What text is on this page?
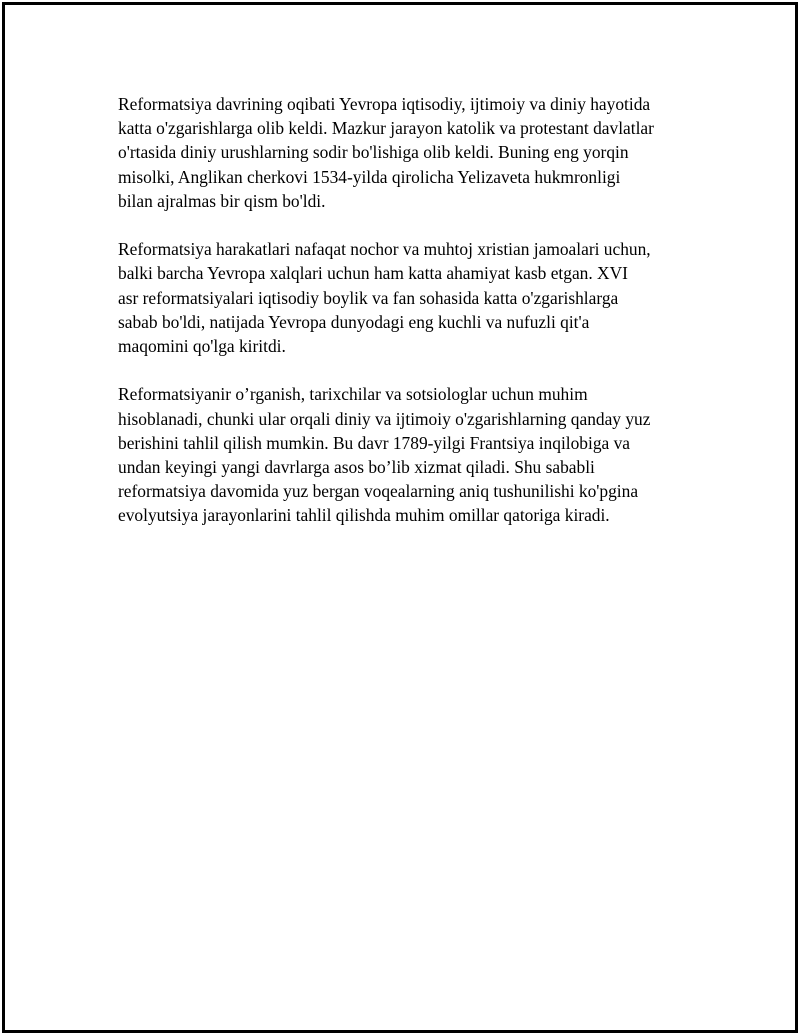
Reformatsiya davrining oqibati Yevropa iqtisodiy, ijtimoiy va diniy hayotida
katta o'zgarishlarga olib keldi. Mazkur jarayon katolik va protestant davlatlar
o'rtasida diniy urushlarning sodir bo'lishiga olib keldi. Buning eng yorqin
misolki, Anglikan cherkovi 1534-yilda qirolicha Yelizaveta hukmronligi
bilan ajralmas bir qism bo'ldi.

Reformatsiya harakatlari nafaqat nochor va muhtoj xristian jamoalari uchun,
balki barcha Yevropa xalqlari uchun ham katta ahamiyat kasb etgan. XVI
asr reformatsiyalari iqtisodiy boylik va fan sohasida katta o'zgarishlarga
sabab bo'ldi, natijada Yevropa dunyodagi eng kuchli va nufuzli qit'a
maqomini qo'lga kiritdi.

Reformatsiyanir o’rganish, tarixchilar va sotsiologlar uchun muhim
hisoblanadi, chunki ular orqali diniy va ijtimoiy o'zgarishlarning qanday yuz
berishini tahlil qilish mumkin. Bu davr 1789-yilgi Frantsiya inqilobiga va
undan keyingi yangi davrlarga asos bo’lib xizmat qiladi. Shu sababli
reformatsiya davomida yuz bergan voqealarning aniq tushunilishi ko'pgina
evolyutsiya jarayonlarini tahlil qilishda muhim omillar qatoriga kiradi.
